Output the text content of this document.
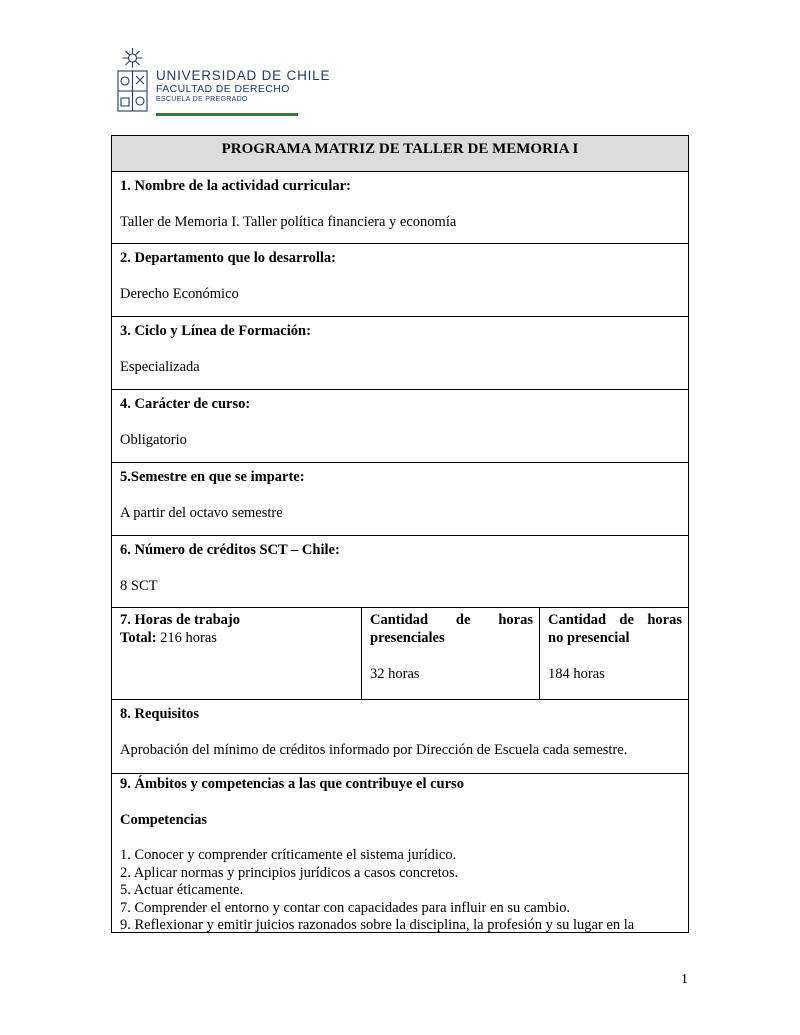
UNIVERSIDAD DE CHILE
FACULTAD DE DERECHO
ESCUELA DE PREGRADO
PROGRAMA MATRIZ DE TALLER DE MEMORIA I
1. Nombre de la actividad curricular:
Taller de Memoria I. Taller política financiera y economía
2. Departamento que lo desarrolla:
Derecho Económico
3. Ciclo y Línea de Formación:
Especializada
4. Carácter de curso:
Obligatorio
5.Semestre en que se imparte:
A partir del octavo semestre
6. Número de créditos SCT – Chile:
8 SCT
7. Horas de trabajo
Total: 216 horas
Cantidad de horas
presenciales
32 horas
Cantidad de horas
no presencial
184 horas
8. Requisitos
Aprobación del mínimo de créditos informado por Dirección de Escuela cada semestre.
9. Ámbitos y competencias a las que contribuye el curso
Competencias
1. Conocer y comprender críticamente el sistema jurídico.
2. Aplicar normas y principios jurídicos a casos concretos.
5. Actuar éticamente.
7. Comprender el entorno y contar con capacidades para influir en su cambio.
9. Reflexionar y emitir juicios razonados sobre la disciplina, la profesión y su lugar en la
1
